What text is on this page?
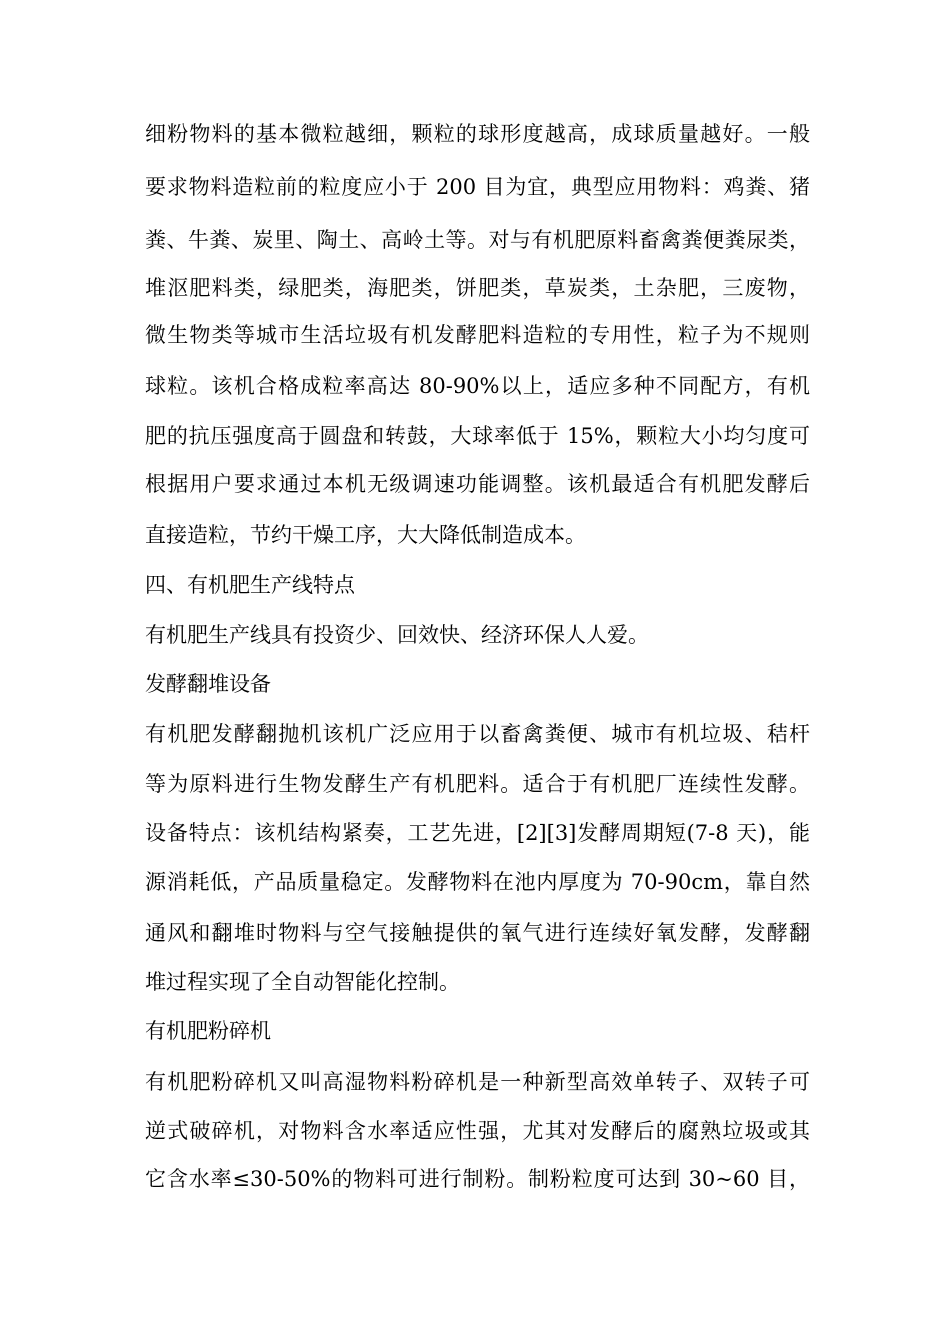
细粉物料的基本微粒越细，颗粒的球形度越高，成球质量越好。一般
要求物料造粒前的粒度应小于 200 目为宜，典型应用物料：鸡粪、猪
粪、牛粪、炭里、陶土、高岭土等。对与有机肥原料畜禽粪便粪尿类，
堆沤肥料类，绿肥类，海肥类，饼肥类，草炭类，土杂肥，三废物，
微生物类等城市生活垃圾有机发酵肥料造粒的专用性，粒子为不规则
球粒。该机合格成粒率高达 80-90%以上，适应多种不同配方，有机
肥的抗压强度高于圆盘和转鼓，大球率低于 15%，颗粒大小均匀度可
根据用户要求通过本机无级调速功能调整。该机最适合有机肥发酵后
直接造粒，节约干燥工序，大大降低制造成本。
四、有机肥生产线特点
有机肥生产线具有投资少、回效快、经济环保人人爱。
发酵翻堆设备
有机肥发酵翻抛机该机广泛应用于以畜禽粪便、城市有机垃圾、秸杆
等为原料进行生物发酵生产有机肥料。适合于有机肥厂连续性发酵。
设备特点：该机结构紧奏，工艺先进，[2][3]发酵周期短(7-8 天)，能
源消耗低，产品质量稳定。发酵物料在池内厚度为 70-90cm，靠自然
通风和翻堆时物料与空气接触提供的氧气进行连续好氧发酵，发酵翻
堆过程实现了全自动智能化控制。
有机肥粉碎机
有机肥粉碎机又叫高湿物料粉碎机是一种新型高效单转子、双转子可
逆式破碎机，对物料含水率适应性强，尤其对发酵后的腐熟垃圾或其
它含水率≤30-50%的物料可进行制粉。制粉粒度可达到 30~60 目，
